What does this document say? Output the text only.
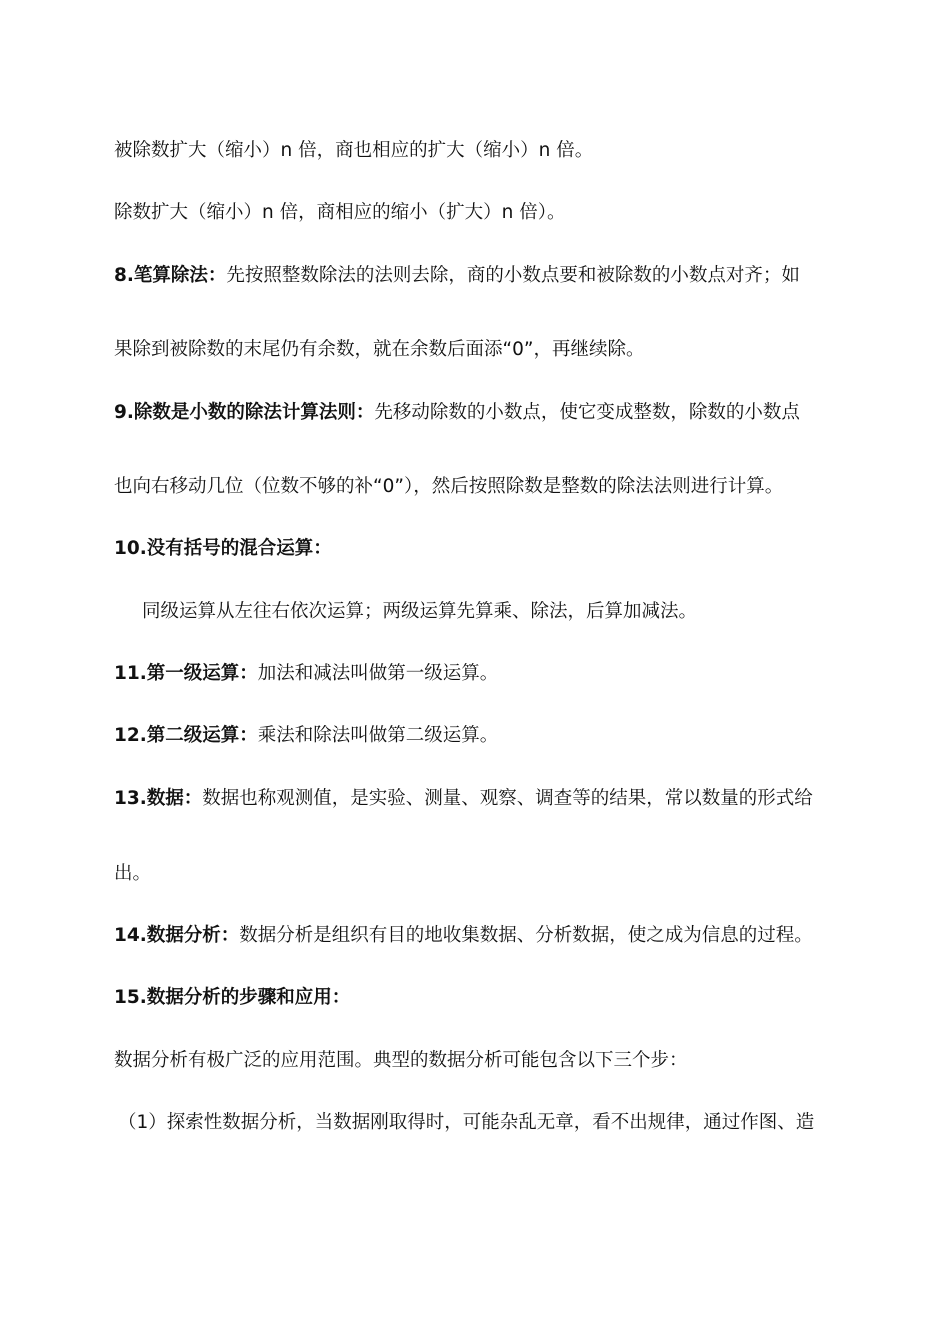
被除数扩大（缩小）n 倍，商也相应的扩大（缩小）n 倍。
除数扩大（缩小）n 倍，商相应的缩小（扩大）n 倍）。
8.笔算除法：先按照整数除法的法则去除，商的小数点要和被除数的小数点对齐；如
果除到被除数的末尾仍有余数，就在余数后面添“0”，再继续除。
9.除数是小数的除法计算法则：先移动除数的小数点，使它变成整数，除数的小数点
也向右移动几位（位数不够的补“0”），然后按照除数是整数的除法法则进行计算。
10.没有括号的混合运算：
同级运算从左往右依次运算；两级运算先算乘、除法，后算加减法。
11.第一级运算：加法和减法叫做第一级运算。
12.第二级运算：乘法和除法叫做第二级运算。
13.数据：数据也称观测值，是实验、测量、观察、调查等的结果，常以数量的形式给
出。
14.数据分析：数据分析是组织有目的地收集数据、分析数据，使之成为信息的过程。
15.数据分析的步骤和应用：
数据分析有极广泛的应用范围。典型的数据分析可能包含以下三个步：
（1）探索性数据分析，当数据刚取得时，可能杂乱无章，看不出规律，通过作图、造
